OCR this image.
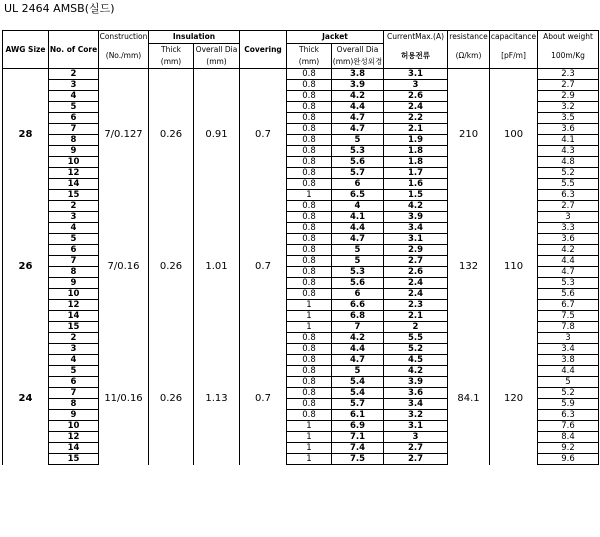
UL 2464 AMSB(실드)
AWG Size	No. of Core	Construction	Insulation		Covering	Jacket		CurrentMax.(A)	resistance	capacitance	About weight
		(No./mm)	Thick	Overall Dia		Thick	Overall Dia	허용전류	(Ω/km)	[pF/m]	100m/Kg
			(mm)	(mm)		(mm)	(mm)완성외경				
28	2	7/0.127	0.26	0.91	0.7	0.8	3.8	3.1	210	100	2.3
	3					0.8	3.9	3			2.7
	4					0.8	4.2	2.6			2.9
	5					0.8	4.4	2.4			3.2
	6					0.8	4.7	2.2			3.5
	7					0.8	4.7	2.1			3.6
	8					0.8	5	1.9			4.1
	9					0.8	5.3	1.8			4.3
	10					0.8	5.6	1.8			4.8
	12					0.8	5.7	1.7			5.2
	14					0.8	6	1.6			5.5
	15					1	6.5	1.5			6.3
26	2	7/0.16	0.26	1.01	0.7	0.8	4	4.2	132	110	2.7
	3					0.8	4.1	3.9			3
	4					0.8	4.4	3.4			3.3
	5					0.8	4.7	3.1			3.6
	6					0.8	5	2.9			4.2
	7					0.8	5	2.7			4.4
	8					0.8	5.3	2.6			4.7
	9					0.8	5.6	2.4			5.3
	10					0.8	6	2.4			5.6
	12					1	6.6	2.3			6.7
	14					1	6.8	2.1			7.5
	15					1	7	2			7.8
24	2	11/0.16	0.26	1.13	0.7	0.8	4.2	5.5	84.1	120	3
	3					0.8	4.4	5.2			3.4
	4					0.8	4.7	4.5			3.8
	5					0.8	5	4.2			4.4
	6					0.8	5.4	3.9			5
	7					0.8	5.4	3.6			5.2
	8					0.8	5.7	3.4			5.9
	9					0.8	6.1	3.2			6.3
	10					1	6.9	3.1			7.6
	12					1	7.1	3			8.4
	14					1	7.4	2.7			9.2
	15					1	7.5	2.7			9.6
